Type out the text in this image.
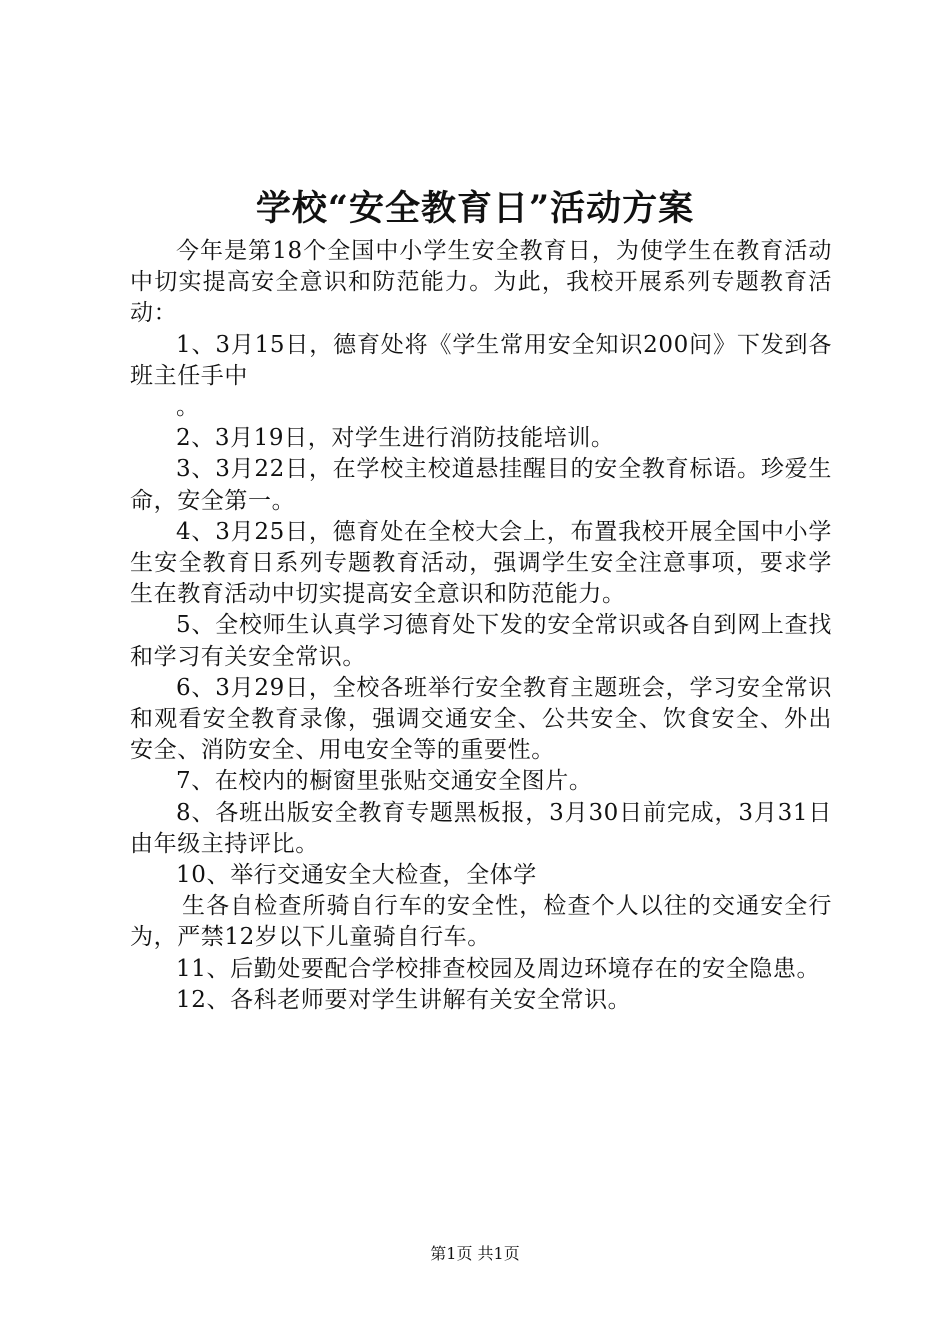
学校“安全教育日”活动方案

今年是第18个全国中小学生安全教育日，为使学生在教育活动中切实提高安全意识和防范能力。为此，我校开展系列专题教育活动：

1、3月15日，德育处将《学生常用安全知识200问》下发到各班主任手中

。

2、3月19日，对学生进行消防技能培训。

3、3月22日，在学校主校道悬挂醒目的安全教育标语。珍爱生命，安全第一。

4、3月25日，德育处在全校大会上，布置我校开展全国中小学生安全教育日系列专题教育活动，强调学生安全注意事项，要求学生在教育活动中切实提高安全意识和防范能力。

5、全校师生认真学习德育处下发的安全常识或各自到网上查找和学习有关安全常识。

6、3月29日，全校各班举行安全教育主题班会，学习安全常识和观看安全教育录像，强调交通安全、公共安全、饮食安全、外出安全、消防安全、用电安全等的重要性。

7、在校内的橱窗里张贴交通安全图片。

8、各班出版安全教育专题黑板报，3月30日前完成，3月31日由年级主持评比。

10、举行交通安全大检查，全体学

生各自检查所骑自行车的安全性，检查个人以往的交通安全行为，严禁12岁以下儿童骑自行车。

11、后勤处要配合学校排查校园及周边环境存在的安全隐患。

12、各科老师要对学生讲解有关安全常识。

第1页 共1页
